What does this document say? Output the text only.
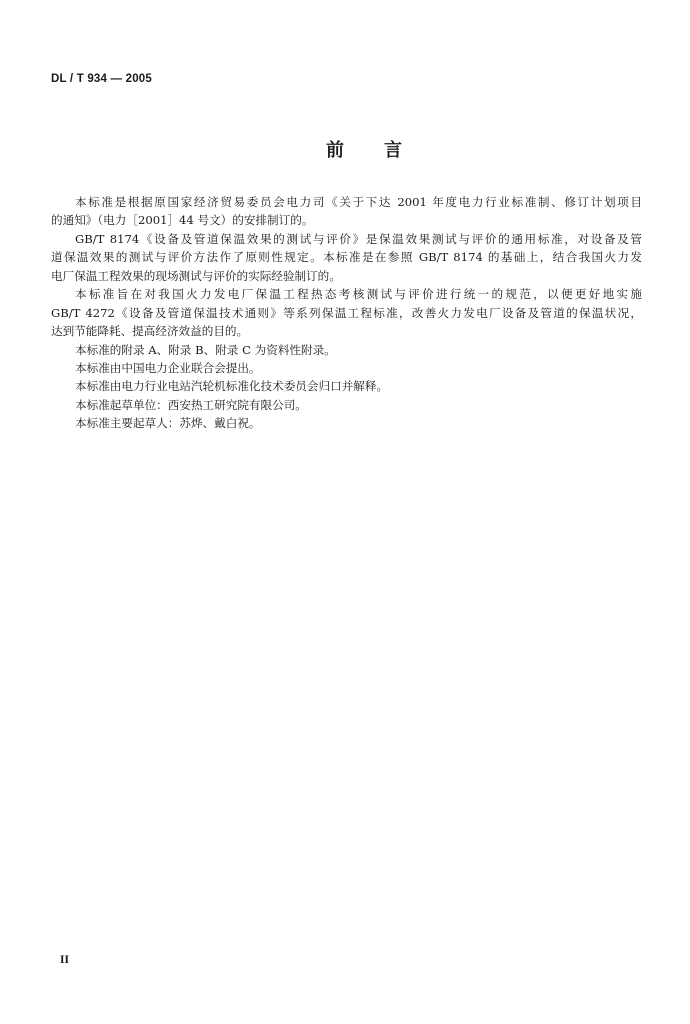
DL / T 934 — 2005
前 言
本标准是根据原国家经济贸易委员会电力司《关于下达 2001 年度电力行业标准制、修订计划项目
的通知》（电力［2001］44 号文）的安排制订的。
GB/T 8174《设备及管道保温效果的测试与评价》是保温效果测试与评价的通用标准，对设备及管
道保温效果的测试与评价方法作了原则性规定。本标准是在参照 GB/T 8174 的基础上，结合我国火力发
电厂保温工程效果的现场测试与评价的实际经验制订的。
本标准旨在对我国火力发电厂保温工程热态考核测试与评价进行统一的规范，以便更好地实施
GB/T 4272《设备及管道保温技术通则》等系列保温工程标准，改善火力发电厂设备及管道的保温状况，
达到节能降耗、提高经济效益的目的。
本标准的附录 A、附录 B、附录 C 为资料性附录。
本标准由中国电力企业联合会提出。
本标准由电力行业电站汽轮机标准化技术委员会归口并解释。
本标准起草单位：西安热工研究院有限公司。
本标准主要起草人：苏烨、戴白祝。
II
